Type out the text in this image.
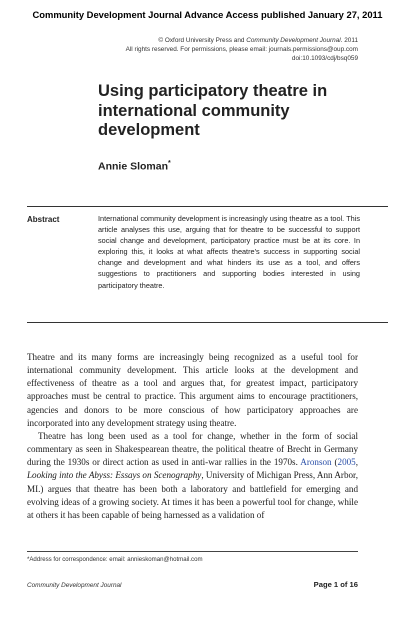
Community Development Journal Advance Access published January 27, 2011
© Oxford University Press and Community Development Journal. 2011
All rights reserved. For permissions, please email: journals.permissions@oup.com
doi:10.1093/cdj/bsq059
Using participatory theatre in international community development
Annie Sloman*
Abstract	International community development is increasingly using theatre as a tool. This article analyses this use, arguing that for theatre to be successful to support social change and development, participatory practice must be at its core. In exploring this, it looks at what affects theatre's success in supporting social change and development and what hinders its use as a tool, and offers suggestions to practitioners and supporting bodies interested in using participatory theatre.

Theatre and its many forms are increasingly being recognized as a useful tool for international community development. This article looks at the development and effectiveness of theatre as a tool and argues that, for greatest impact, participatory approaches must be central to practice. This argument aims to encourage practitioners, agencies and donors to be more conscious of how participatory approaches are incorporated into any development strategy using theatre.

Theatre has long been used as a tool for change, whether in the form of social commentary as seen in Shakespearean theatre, the political theatre of Brecht in Germany during the 1930s or direct action as used in anti-war rallies in the 1970s. Aronson (2005, Looking into the Abyss: Essays on Scenography, University of Michigan Press, Ann Arbor, MI.) argues that theatre has been both a laboratory and battlefield for emerging and evolving ideas of a growing society. At times it has been a powerful tool for change, while at others it has been capable of being harnessed as a validation of

*Address for correspondence: email: annieskoman@hotmail.com
Community Development Journal	Page 1 of 16
